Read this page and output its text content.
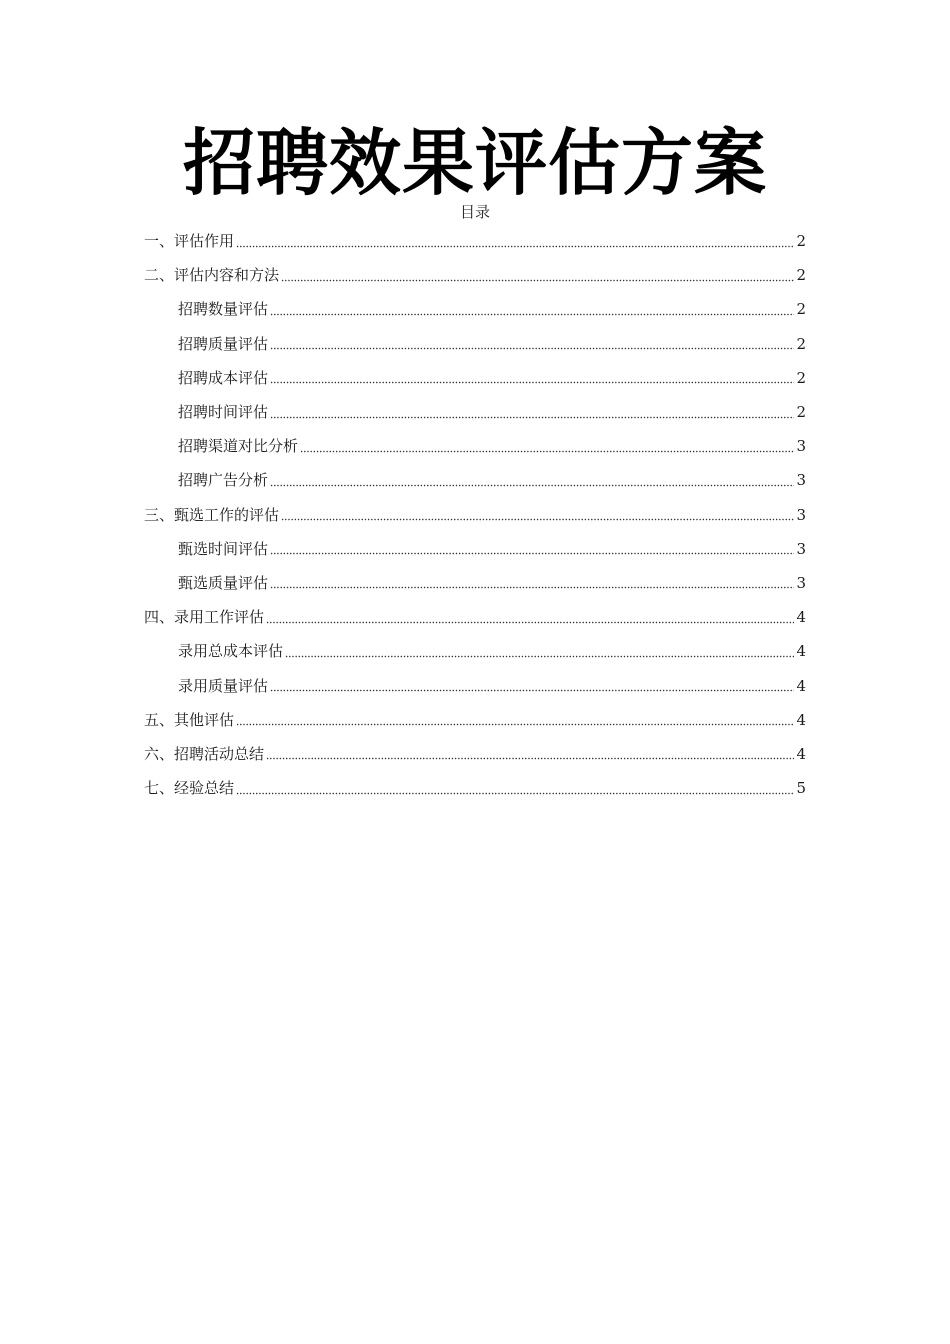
招聘效果评估方案
目录
一、评估作用	2
二、评估内容和方法	2
招聘数量评估	2
招聘质量评估	2
招聘成本评估	2
招聘时间评估	2
招聘渠道对比分析	3
招聘广告分析	3
三、甄选工作的评估	3
甄选时间评估	3
甄选质量评估	3
四、录用工作评估	4
录用总成本评估	4
录用质量评估	4
五、其他评估	4
六、招聘活动总结	4
七、经验总结	5
